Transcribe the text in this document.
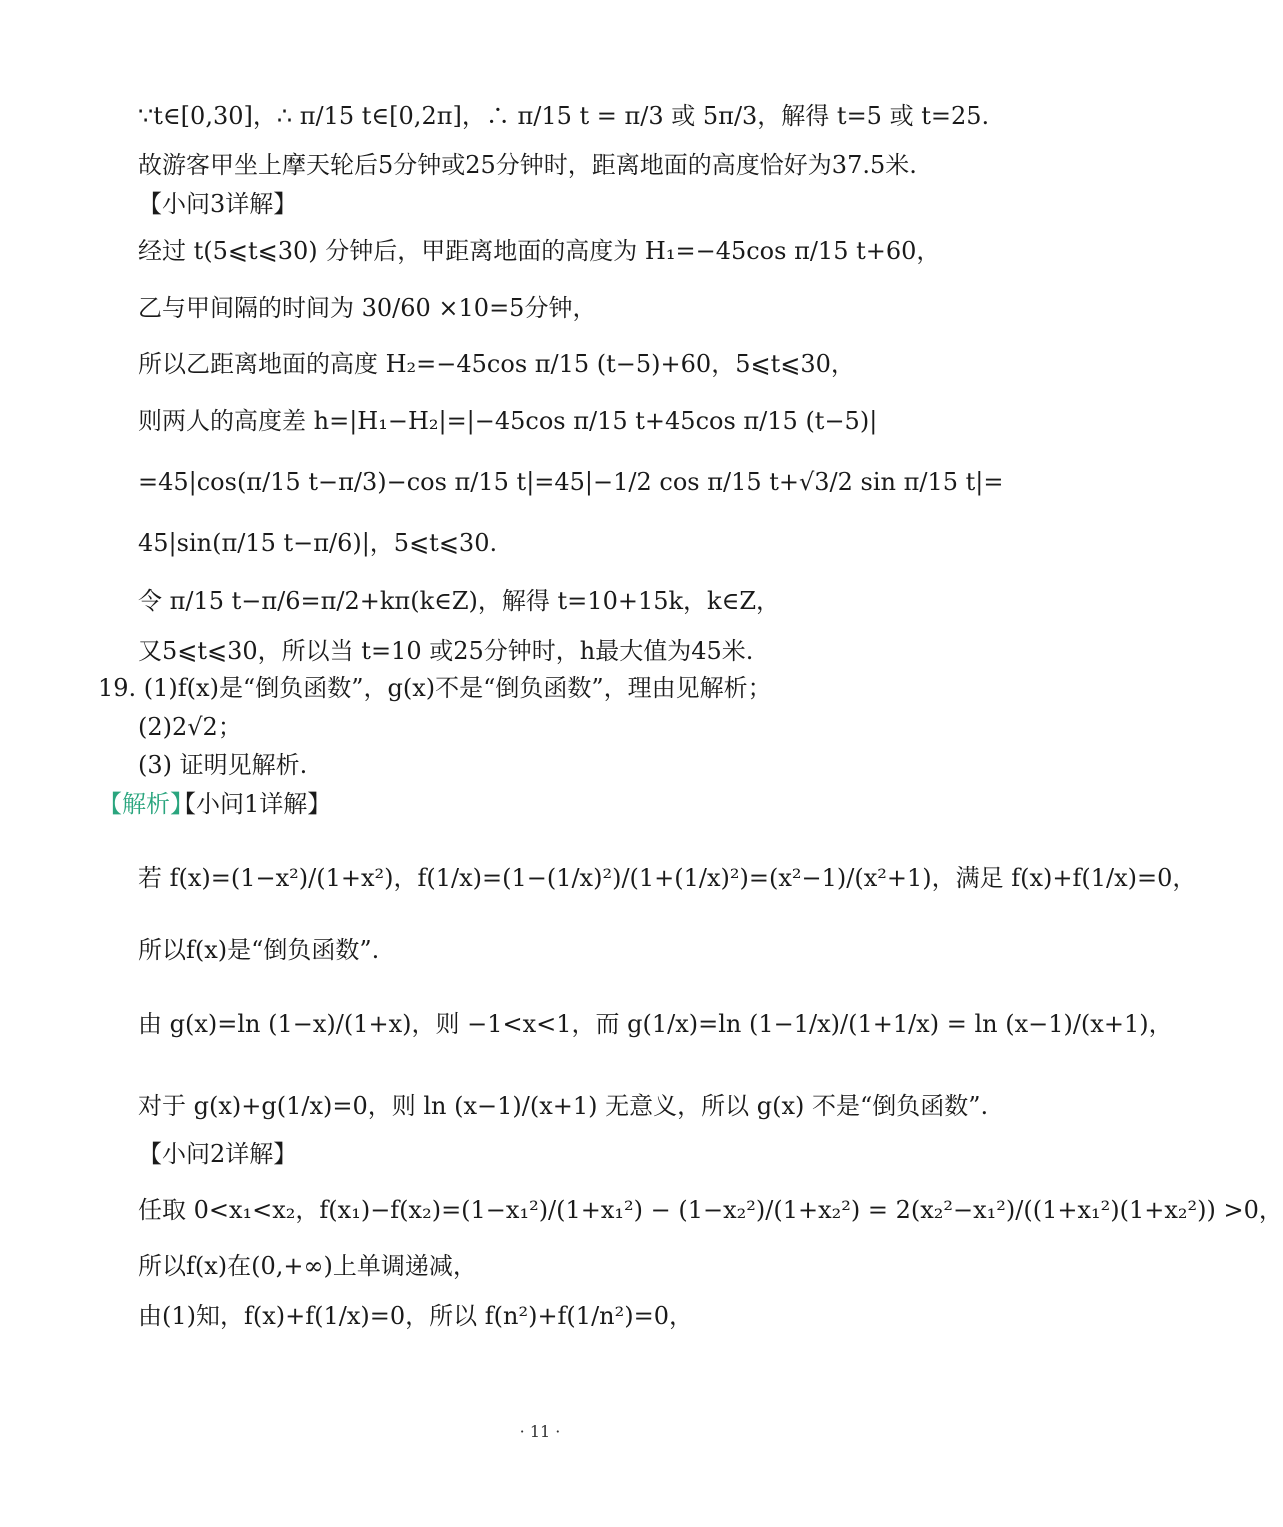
∵t∈[0,30]，∴ π/15 t∈[0,2π]，∴ π/15 t = π/3 或 5π/3，解得 t=5 或 t=25.
故游客甲坐上摩天轮后5分钟或25分钟时，距离地面的高度恰好为37.5米.
【小问3详解】
经过 t(5⩽t⩽30) 分钟后，甲距离地面的高度为 H₁=−45cos π/15 t+60，
乙与甲间隔的时间为 30/60 ×10=5分钟，
所以乙距离地面的高度 H₂=−45cos π/15 (t−5)+60，5⩽t⩽30，
则两人的高度差 h=|H₁−H₂|=|−45cos π/15 t+45cos π/15 (t−5)|
=45|cos(π/15 t−π/3)−cos π/15 t|=45|−1/2 cos π/15 t+√3/2 sin π/15 t|=
45|sin(π/15 t−π/6)|，5⩽t⩽30.
令 π/15 t−π/6=π/2+kπ(k∈Z)，解得 t=10+15k，k∈Z，
又5⩽t⩽30，所以当 t=10 或25分钟时，h最大值为45米.
19. (1)f(x)是“倒负函数”，g(x)不是“倒负函数”，理由见解析；
(2)2√2；
(3) 证明见解析.
【解析】
【小问1详解】
若 f(x)=(1−x²)/(1+x²)，f(1/x)=(1−(1/x)²)/(1+(1/x)²)=(x²−1)/(x²+1)，满足 f(x)+f(1/x)=0，
所以f(x)是“倒负函数”.
由 g(x)=ln (1−x)/(1+x)，则 −1<x<1，而 g(1/x)=ln (1−1/x)/(1+1/x) = ln (x−1)/(x+1)，
对于 g(x)+g(1/x)=0，则 ln (x−1)/(x+1) 无意义，所以 g(x) 不是“倒负函数”.
【小问2详解】
任取 0<x₁<x₂，f(x₁)−f(x₂)=(1−x₁²)/(1+x₁²) − (1−x₂²)/(1+x₂²) = 2(x₂²−x₁²)/((1+x₁²)(1+x₂²)) >0，
所以f(x)在(0,+∞)上单调递减，
由(1)知，f(x)+f(1/x)=0，所以 f(n²)+f(1/n²)=0，
· 11 ·
